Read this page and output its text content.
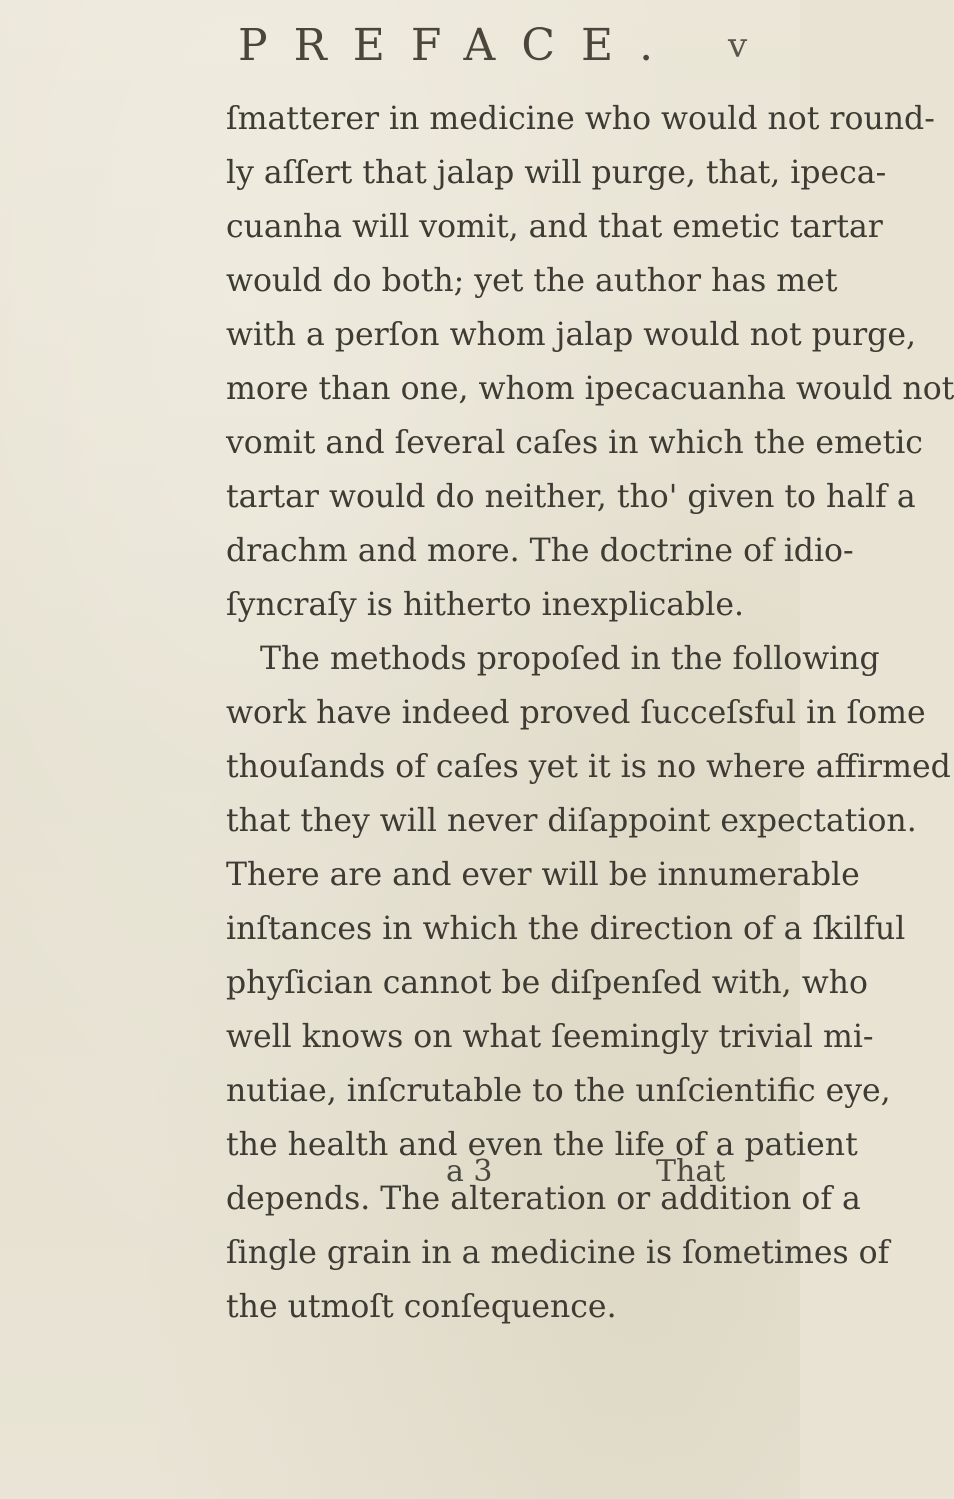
PREFACE. v
ſmatterer in medicine who would not round-
ly aſſert that jalap will purge, that, ipeca-
cuanha will vomit, and that emetic tartar
would do both; yet the author has met
with a perſon whom jalap would not purge,
more than one, whom ipecacuanha would not
vomit and ſeveral caſes in which the emetic
tartar would do neither, tho' given to half a
drachm and more. The doctrine of idio-
ſyncraſy is hitherto inexplicable.
The methods propoſed in the following
work have indeed proved ſucceſsful in ſome
thouſands of caſes yet it is no where affirmed
that they will never diſappoint expectation.
There are and ever will be innumerable
inſtances in which the direction of a ſkilful
phyſician cannot be diſpenſed with, who
well knows on what ſeemingly trivial mi-
nutiae, inſcrutable to the unſcientific eye,
the health and even the life of a patient
depends. The alteration or addition of a
ſingle grain in a medicine is ſometimes of
the utmoſt conſequence.
a 3	That
